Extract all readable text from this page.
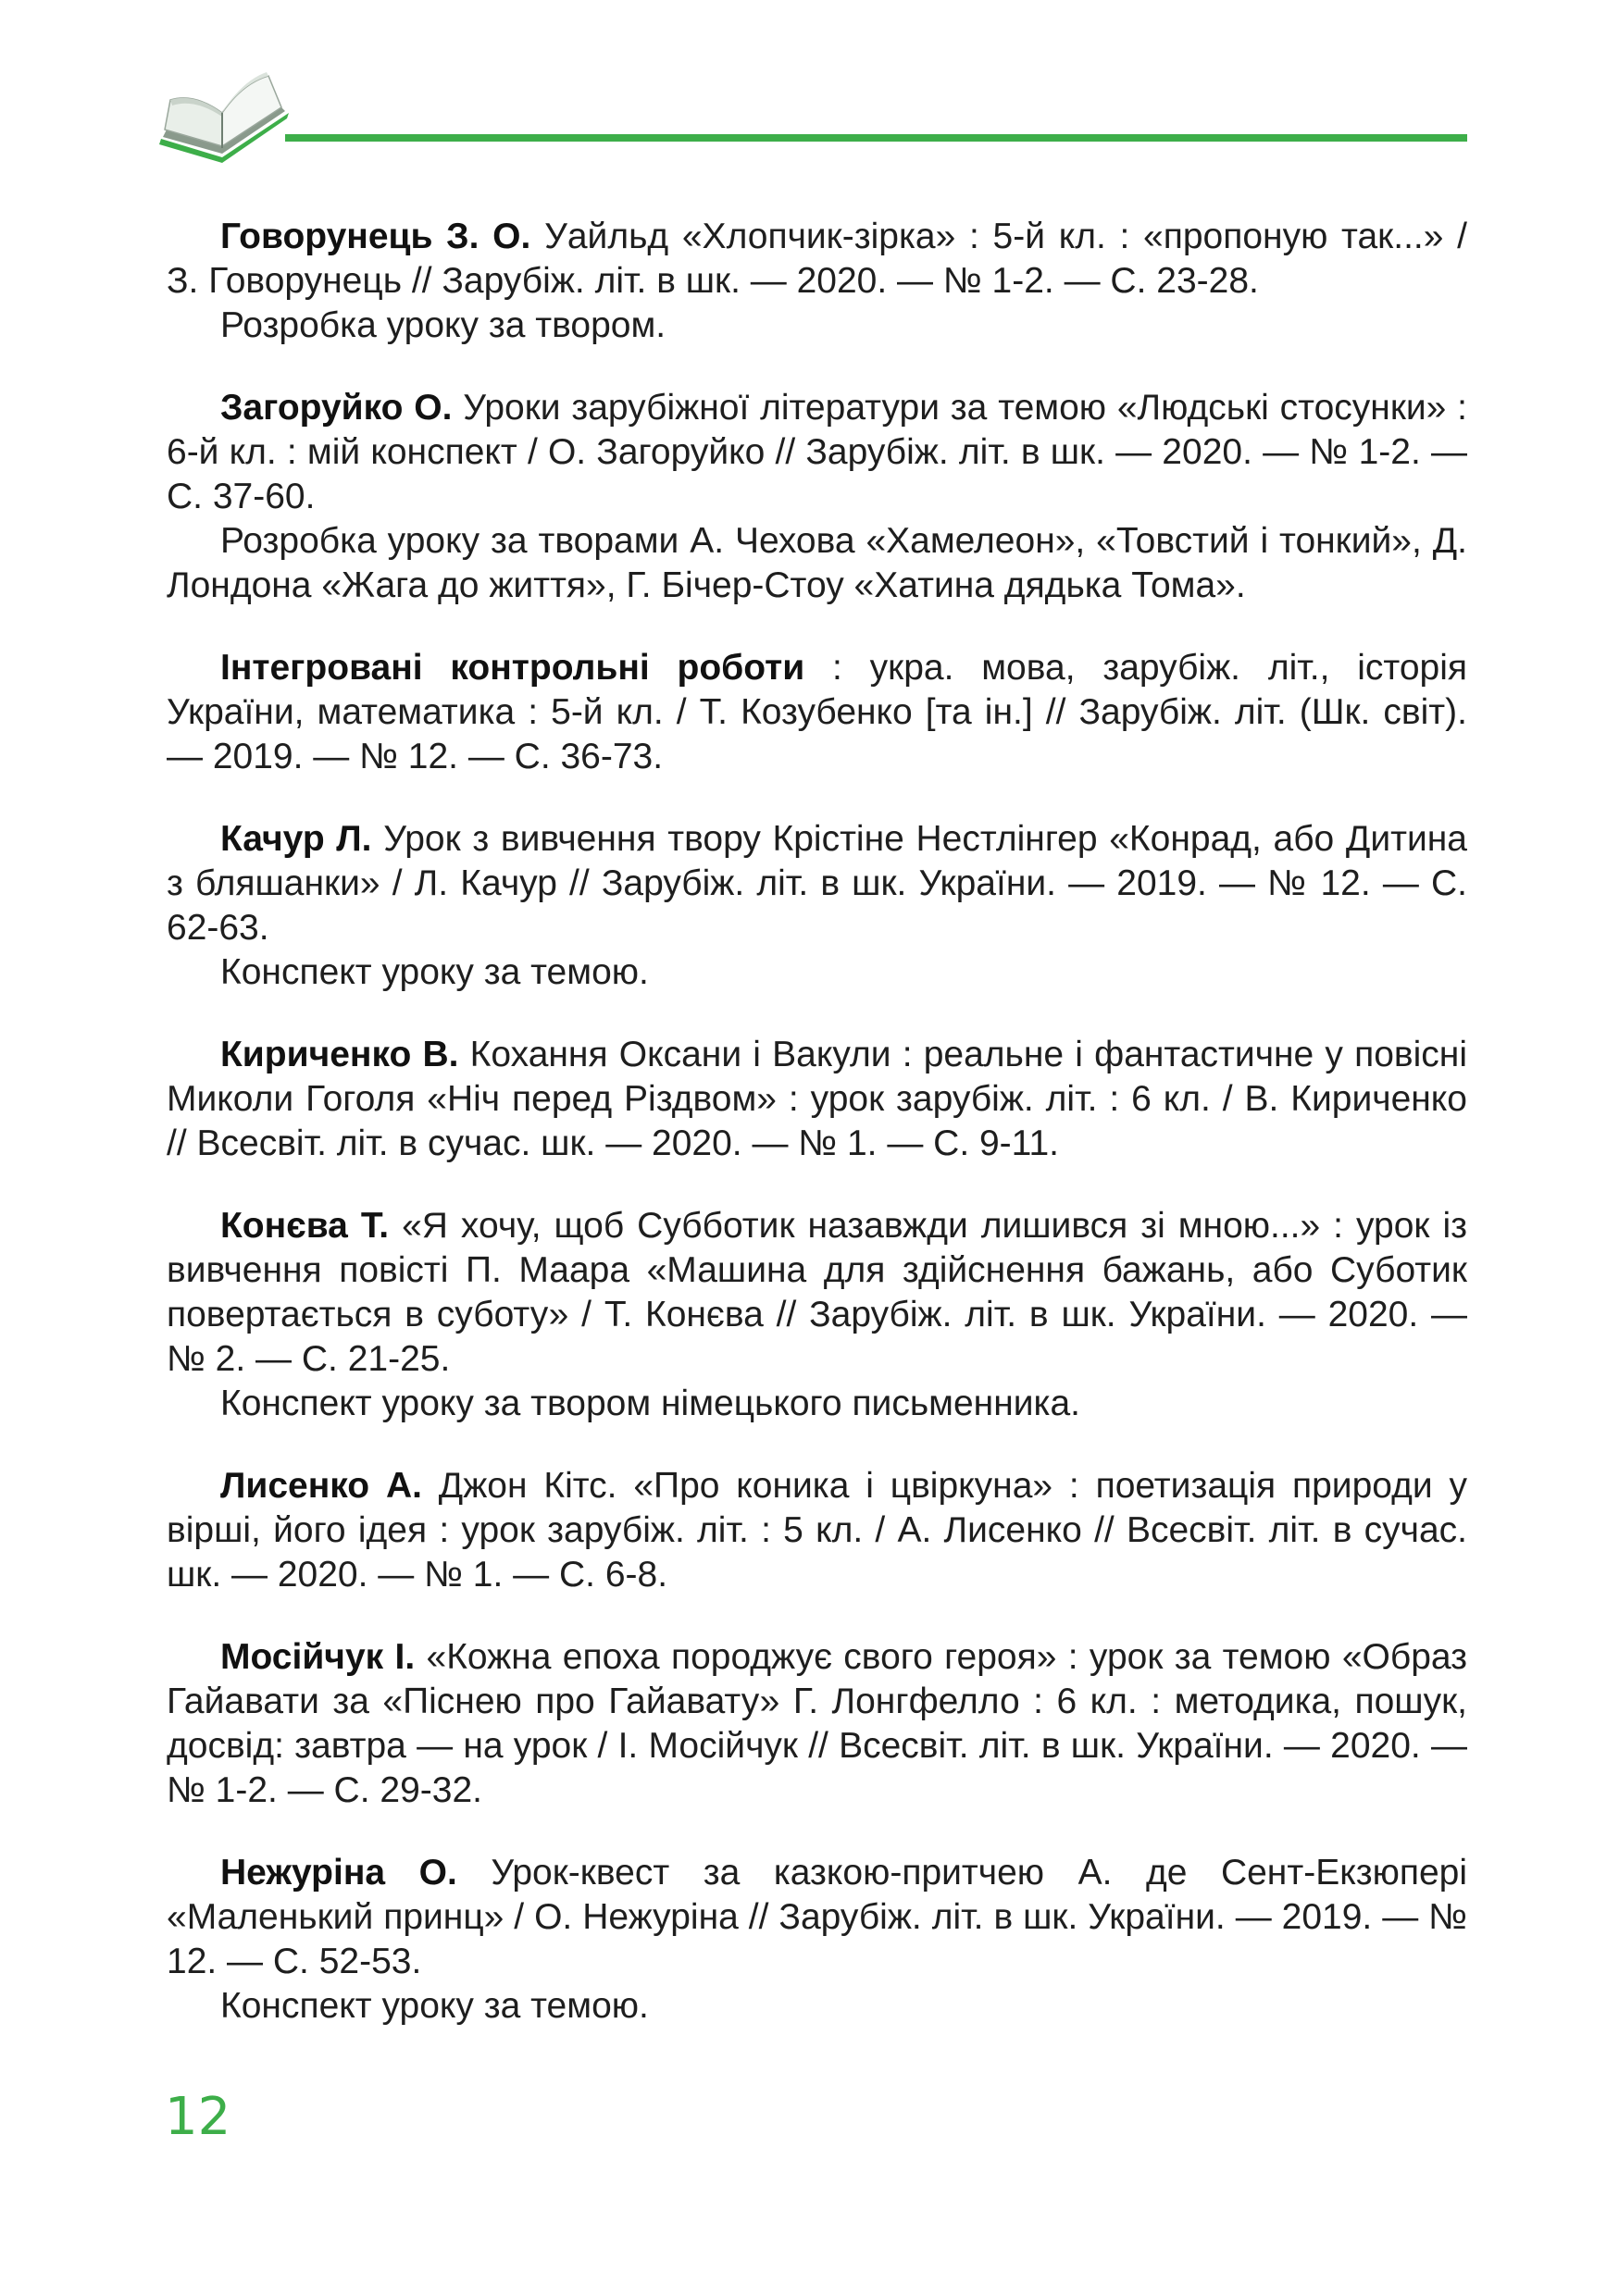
Говорунець З. О. Уайльд «Хлопчик-зірка» : 5-й кл. : «пропоную так...» / З. Говорунець // Зарубіж. літ. в шк. — 2020. — № 1-2. — С. 23-28.

Розробка уроку за твором.

Загоруйко О. Уроки зарубіжної літератури за темою «Людські стосунки» : 6-й кл. : мій конспект / О. Загоруйко // Зарубіж. літ. в шк. — 2020. — № 1-2. — С. 37-60.

Розробка уроку за творами А. Чехова «Хамелеон», «Товстий і тонкий», Д. Лондона «Жага до життя», Г. Бічер-Стоу «Хатина дядька Тома».

Інтегровані контрольні роботи : укра. мова, зарубіж. літ., історія України, математика : 5-й кл. / Т. Козубенко [та ін.] // Зарубіж. літ. (Шк. світ). — 2019. — № 12. — С. 36-73.

Качур Л. Урок з вивчення твору Крістіне Нестлінгер «Конрад, або Дитина з бляшанки» / Л. Качур // Зарубіж. літ. в шк. України. — 2019. — № 12. — С. 62-63.

Конспект уроку за темою.

Кириченко В. Кохання Оксани і Вакули : реальне і фантастичне у повісні Миколи Гоголя «Ніч перед Різдвом» : урок зарубіж. літ. : 6 кл. / В. Кириченко // Всесвіт. літ. в сучас. шк. — 2020. — № 1. — С. 9-11.

Конєва Т. «Я хочу, щоб Субботик назавжди лишився зі мною...» : урок із вивчення повісті П. Маара «Машина для здійснення бажань, або Суботик повертається в суботу» / Т. Конєва // Зарубіж. літ. в шк. України. — 2020. — № 2. — С. 21-25.

Конспект уроку за твором німецького письменника.

Лисенко А. Джон Кітс. «Про коника і цвіркуна» : поетизація природи у вірші, його ідея : урок зарубіж. літ. : 5 кл. / А. Лисенко // Всесвіт. літ. в сучас. шк. — 2020. — № 1. — С. 6-8.

Мосійчук І. «Кожна епоха породжує свого героя» : урок за темою «Образ Гайавати за «Піснею про Гайавату» Г. Лонгфелло : 6 кл. : методика, пошук, досвід: завтра — на урок / І. Мосійчук // Всесвіт. літ. в шк. України. — 2020. — № 1-2. — С. 29-32.

Нежуріна О. Урок-квест за казкою-притчею А. де Сент-Екзюпері «Маленький принц» / О. Нежуріна // Зарубіж. літ. в шк. України. — 2019. — № 12. — С. 52-53.

Конспект уроку за темою.

12
